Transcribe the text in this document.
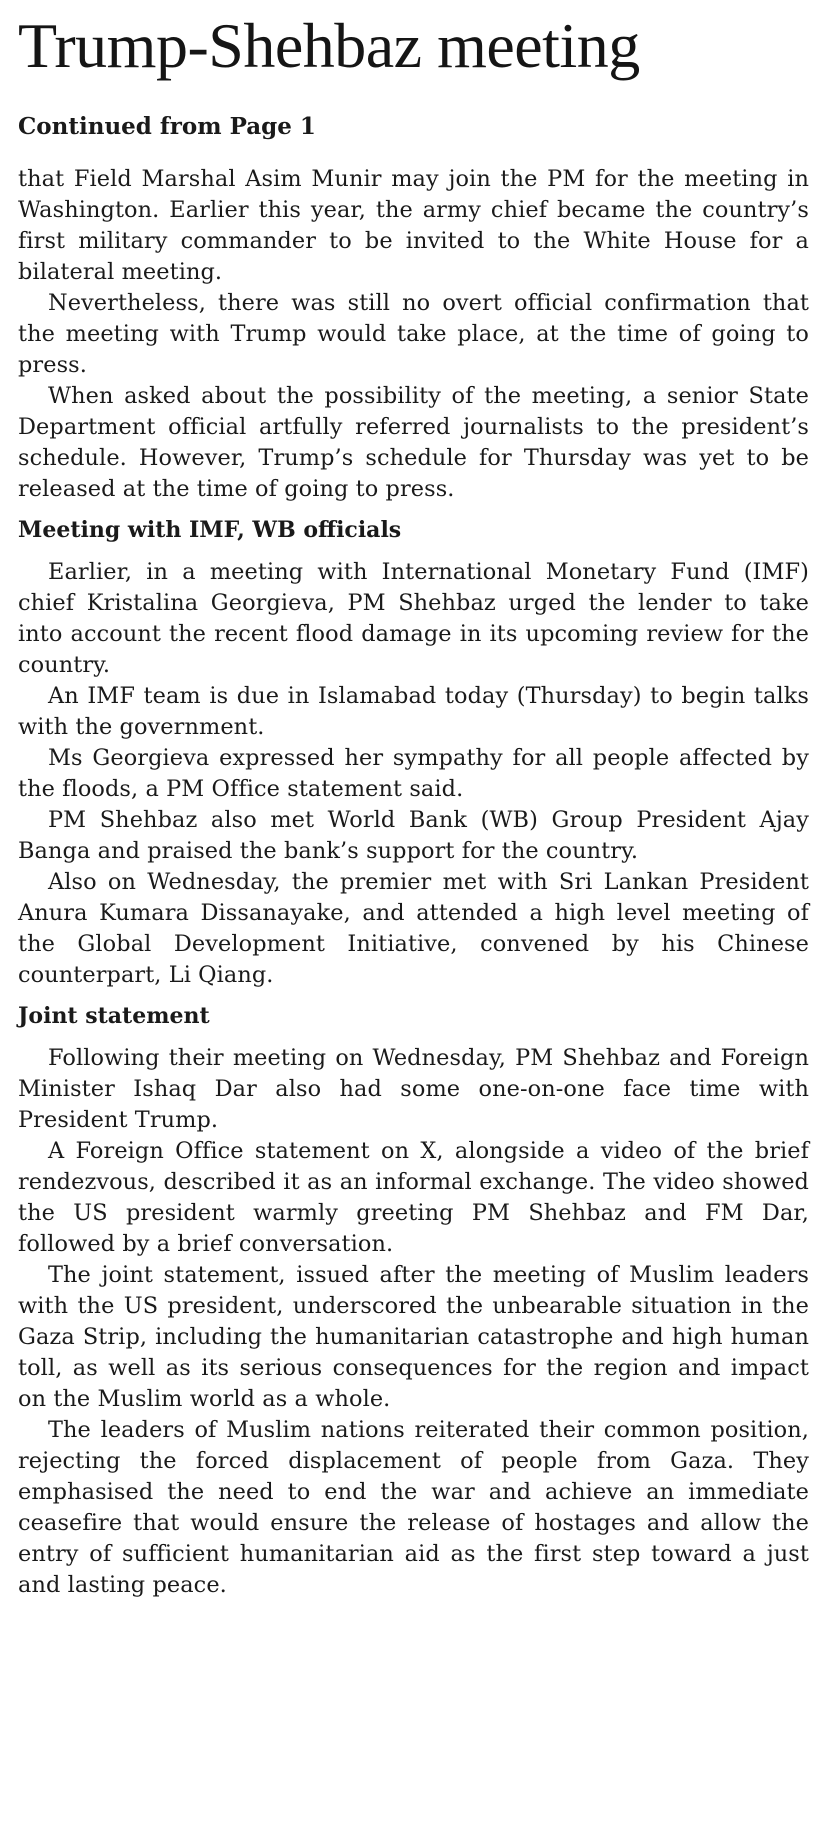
Trump-Shehbaz meeting
Continued from Page 1

that Field Marshal Asim Munir may join the PM for the meeting in Washington. Earlier this year, the army chief became the country’s first military commander to be invited to the White House for a bilateral meeting.

Nevertheless, there was still no overt official confirmation that the meeting with Trump would take place, at the time of going to press.

When asked about the possibility of the meeting, a senior State Department official artfully referred journalists to the president’s schedule. However, Trump’s schedule for Thursday was yet to be released at the time of going to press.

Meeting with IMF, WB officials

Earlier, in a meeting with International Monetary Fund (IMF) chief Kristalina Georgieva, PM Shehbaz urged the lender to take into account the recent flood damage in its upcoming review for the country.

An IMF team is due in Islamabad today (Thursday) to begin talks with the government.

Ms Georgieva expressed her sympathy for all people affected by the floods, a PM Office statement said.

PM Shehbaz also met World Bank (WB) Group President Ajay Banga and praised the bank’s support for the country.

Also on Wednesday, the premier met with Sri Lankan President Anura Kumara Dissanayake, and attended a high level meeting of the Global Development Initiative, convened by his Chinese counterpart, Li Qiang.

Joint statement

Following their meeting on Wednesday, PM Shehbaz and Foreign Minister Ishaq Dar also had some one-on-one face time with President Trump.

A Foreign Office statement on X, alongside a video of the brief rendezvous, described it as an informal exchange. The video showed the US president warmly greeting PM Shehbaz and FM Dar, followed by a brief conversation.

The joint statement, issued after the meeting of Muslim leaders with the US president, underscored the unbearable situation in the Gaza Strip, including the humanitarian catastrophe and high human toll, as well as its serious consequences for the region and impact on the Muslim world as a whole.

The leaders of Muslim nations reiterated their common position, rejecting the forced displacement of people from Gaza. They emphasised the need to end the war and achieve an immediate ceasefire that would ensure the release of hostages and allow the entry of sufficient humanitarian aid as the first step toward a just and lasting peace.
